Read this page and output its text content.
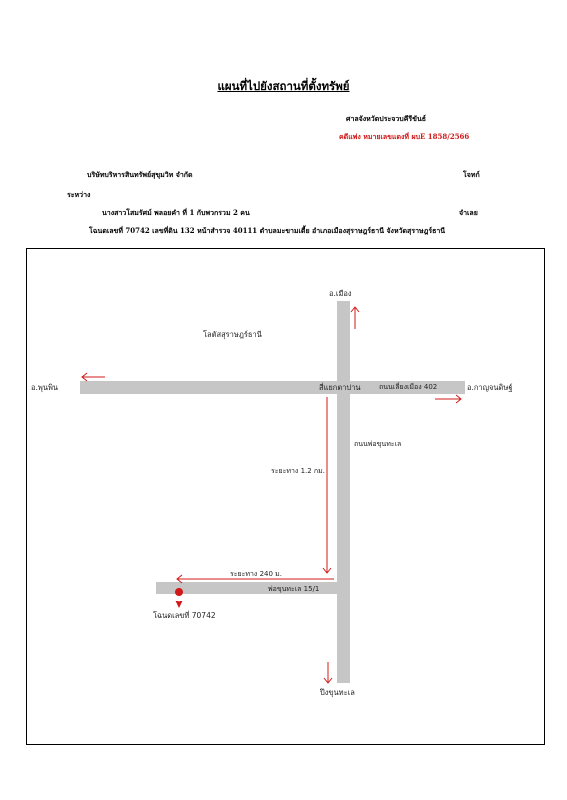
แผนที่ไปยังสถานที่ตั้งทรัพย์
ศาลจังหวัดประจวบคีรีขันธ์
คดีแพ่ง หมายเลขแดงที่ ผบE 1858/2566
บริษัทบริหารสินทรัพย์สุขุมวิท จำกัด	โจทก์
ระหว่าง
นางสาวโสมรัศม์ พลอยคำ ที่ 1 กับพวกรวม 2 คน	จำเลย
โฉนดเลขที่ 70742 เลขที่ดิน 132 หน้าสำรวจ 40111 ตำบลมะขามเตี้ย อำเภอเมืองสุราษฎร์ธานี จังหวัดสุราษฎร์ธานี
อ.เมือง
โลตัสสุราษฎร์ธานี
อ.พุนพิน	อ.กาญจนดิษฐ์
สี่แยกตาปาน	ถนนเลี่ยงเมือง 402
ถนนพ่อขุนทะเล
ระยะทาง 1.2 กม.
ระยะทาง 240 ม.
พ่อขุนทะเล 15/1
โฉนดเลขที่ 70742
ปึงขุนทะเล
